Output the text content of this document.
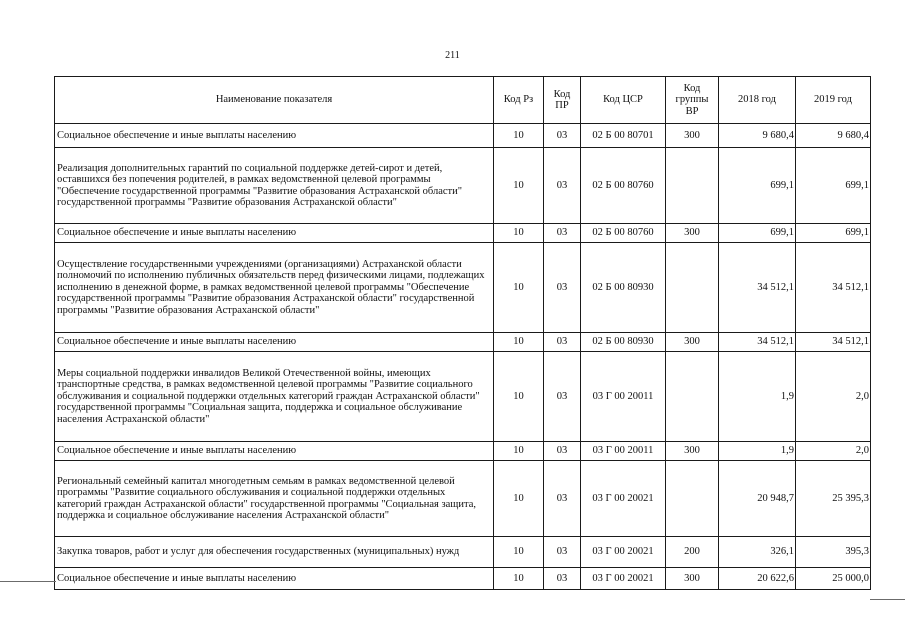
211
Наименование показателя	Код Рз	Код ПР	Код ЦСР	Код группы ВР	2018 год	2019 год
Социальное обеспечение и иные выплаты населению	10	03	02 Б 00 80701	300	9 680,4	9 680,4
Реализация дополнительных гарантий по социальной поддержке детей-сирот и детей, оставшихся без попечения родителей, в рамках ведомственной целевой программы "Обеспечение государственной программы "Развитие образования Астраханской области" государственной программы "Развитие образования Астраханской области"	10	03	02 Б 00 80760		699,1	699,1
Социальное обеспечение и иные выплаты населению	10	03	02 Б 00 80760	300	699,1	699,1
Осуществление государственными учреждениями (организациями) Астраханской области полномочий по исполнению публичных обязательств перед физическими лицами, подлежащих исполнению в денежной форме, в рамках ведомственной целевой программы "Обеспечение государственной программы "Развитие образования Астраханской области" государственной программы "Развитие образования Астраханской области"	10	03	02 Б 00 80930		34 512,1	34 512,1
Социальное обеспечение и иные выплаты населению	10	03	02 Б 00 80930	300	34 512,1	34 512,1
Меры социальной поддержки инвалидов Великой Отечественной войны, имеющих транспортные средства, в рамках ведомственной целевой программы "Развитие социального обслуживания и социальной поддержки отдельных категорий граждан Астраханской области" государственной программы "Социальная защита, поддержка и социальное обслуживание населения Астраханской области"	10	03	03 Г 00 20011		1,9	2,0
Социальное обеспечение и иные выплаты населению	10	03	03 Г 00 20011	300	1,9	2,0
Региональный семейный капитал многодетным семьям в рамках ведомственной целевой программы "Развитие социального обслуживания и социальной поддержки отдельных категорий граждан Астраханской области" государственной программы "Социальная защита, поддержка и социальное обслуживание населения Астраханской области"	10	03	03 Г 00 20021		20 948,7	25 395,3
Закупка товаров, работ и услуг для обеспечения государственных (муниципальных) нужд	10	03	03 Г 00 20021	200	326,1	395,3
Социальное обеспечение и иные выплаты населению	10	03	03 Г 00 20021	300	20 622,6	25 000,0
